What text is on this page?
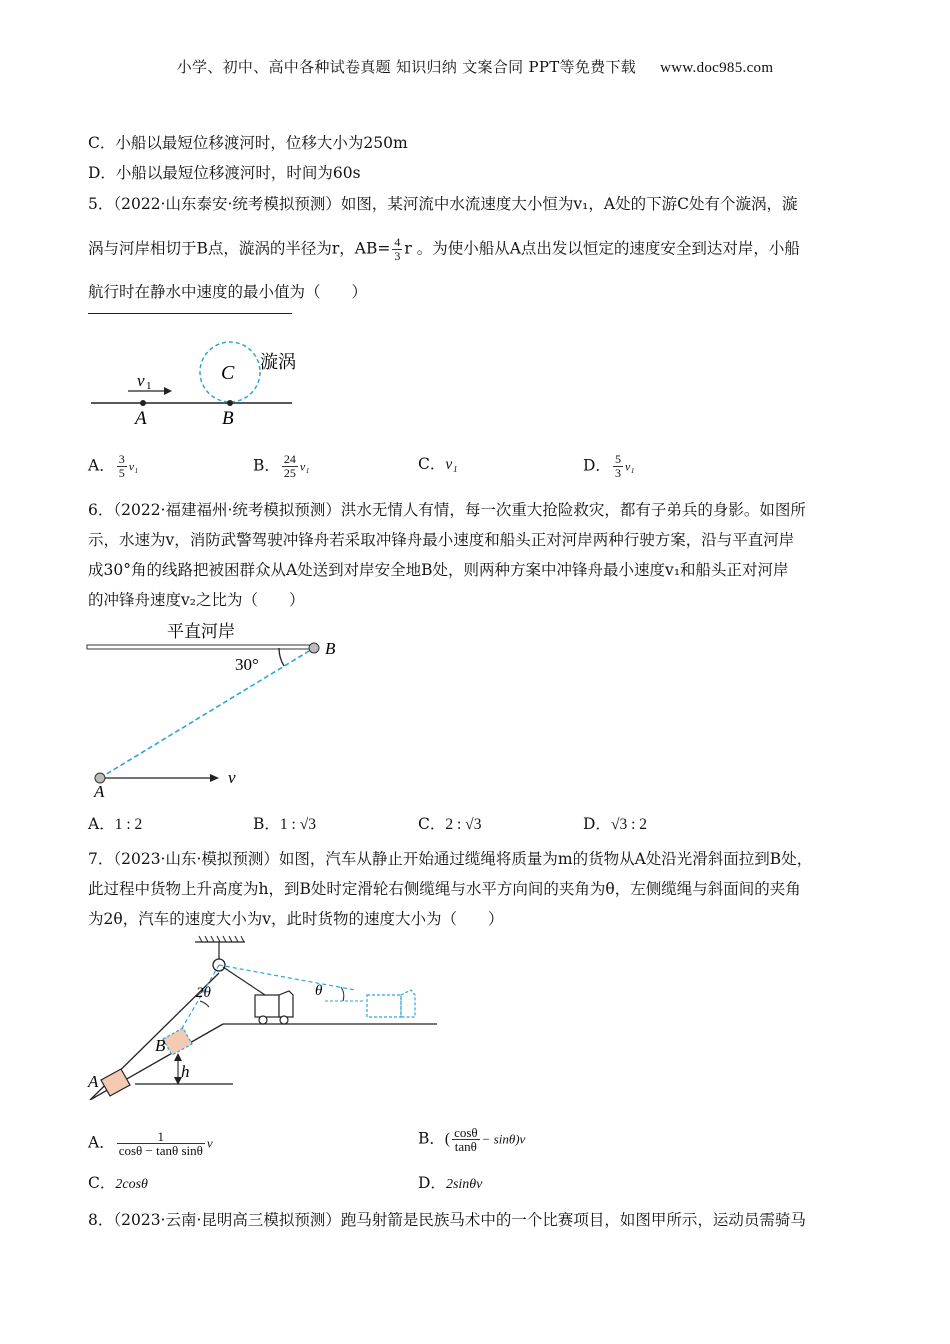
小学、初中、高中各种试卷真题 知识归纳 文案合同 PPT等免费下载 www.doc985.com
C．小船以最短位移渡河时，位移大小为250m
D．小船以最短位移渡河时，时间为60s
5．（2022·山东泰安·统考模拟预测）如图，某河流中水流速度大小恒为v₁，A处的下游C处有个漩涡，漩
涡与河岸相切于B点，漩涡的半径为r，$AB= \frac{4}{3}$ r 。为使小船从A点出发以恒定的速度安全到达对岸，小船
航行时在静水中速度的最小值为（　　）
C 漩涡
v 1
A	B
A． $\frac{3}{5} v_1$	B． $\frac{24}{25} v_1$	C．v₁	D． $\frac{5}{3} v_1$
6．（2022·福建福州·统考模拟预测）洪水无情人有情，每一次重大抢险救灾，都有子弟兵的身影。如图所
示，水速为v，消防武警驾驶冲锋舟若采取冲锋舟最小速度和船头正对河岸两种行驶方案，沿与平直河岸
成30°角的线路把被困群众从A处送到对岸安全地B处，则两种方案中冲锋舟最小速度v₁和船头正对河岸
的冲锋舟速度v₂之比为（　　）
平直河岸
30°
B
v
A
A．1 : 2	B．1 : √3	C．2 : √3	D．√3 : 2
7．（2023·山东·模拟预测）如图，汽车从静止开始通过缆绳将质量为m的货物从A处沿光滑斜面拉到B处，
此过程中货物上升高度为h，到B处时定滑轮右侧缆绳与水平方向间的夹角为θ，左侧缆绳与斜面间的夹角
为2θ，汽车的速度大小为v，此时货物的速度大小为（　　）
2θ	θ
h
B
A
A． $\frac{1}{\text{cosθ − tanθ sinθ}}$ v	B．( $\frac{\cos\theta}{\tan\theta} - \sin\theta)v$
C．2cosθ	D．2sinθv
8．（2023·云南·昆明高三模拟预测）跑马射箭是民族马术中的一个比赛项目，如图甲所示，运动员需骑马
